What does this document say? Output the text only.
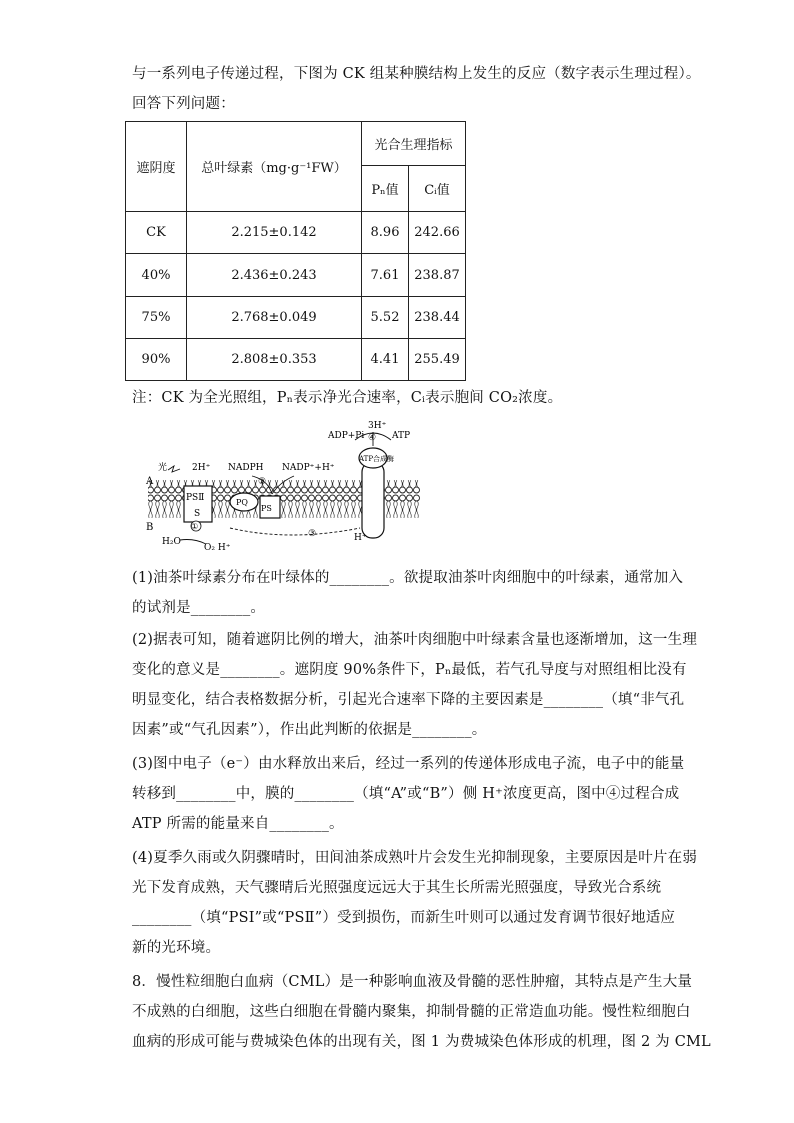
与一系列电子传递过程，下图为 CK 组某种膜结构上发生的反应（数字表示生理过程）。
回答下列问题：
遮阴度	总叶绿素（mg·g⁻¹FW）	光合生理指标	
		Pₙ值	Cᵢ值
CK	2.215±0.142	8.96	242.66
40%	2.436±0.243	7.61	238.87
75%	2.768±0.049	5.52	238.44
90%	2.808±0.353	4.41	255.49
注：CK 为全光照组，Pₙ表示净光合速率，Cᵢ表示胞间 CO₂浓度。
PSⅡ
S
PQ
PS
ATP合成酶
ADP+Pi
3H⁺
ATP
④
NADPH NADP⁺+H⁺
②
光	2H⁺
A
B	①
H₂O
O₂ H⁺
③	H⁺
(1)油茶叶绿素分布在叶绿体的________。欲提取油茶叶肉细胞中的叶绿素，通常加入
的试剂是________。
(2)据表可知，随着遮阴比例的增大，油茶叶肉细胞中叶绿素含量也逐渐增加，这一生理
变化的意义是________。遮阴度 90%条件下，Pₙ最低，若气孔导度与对照组相比没有
明显变化，结合表格数据分析，引起光合速率下降的主要因素是________（填“非气孔
因素”或“气孔因素”），作出此判断的依据是________。
(3)图中电子（e⁻）由水释放出来后，经过一系列的传递体形成电子流，电子中的能量
转移到________中，膜的________（填“A”或“B”）侧 H⁺浓度更高，图中④过程合成
ATP 所需的能量来自________。
(4)夏季久雨或久阴骤晴时，田间油茶成熟叶片会发生光抑制现象，主要原因是叶片在弱
光下发育成熟，天气骤晴后光照强度远远大于其生长所需光照强度，导致光合系统
________（填“PSⅠ”或“PSⅡ”）受到损伤，而新生叶则可以通过发育调节很好地适应
新的光环境。
8．慢性粒细胞白血病（CML）是一种影响血液及骨髓的恶性肿瘤，其特点是产生大量
不成熟的白细胞，这些白细胞在骨髓内聚集，抑制骨髓的正常造血功能。慢性粒细胞白
血病的形成可能与费城染色体的出现有关，图 1 为费城染色体形成的机理，图 2 为 CML
